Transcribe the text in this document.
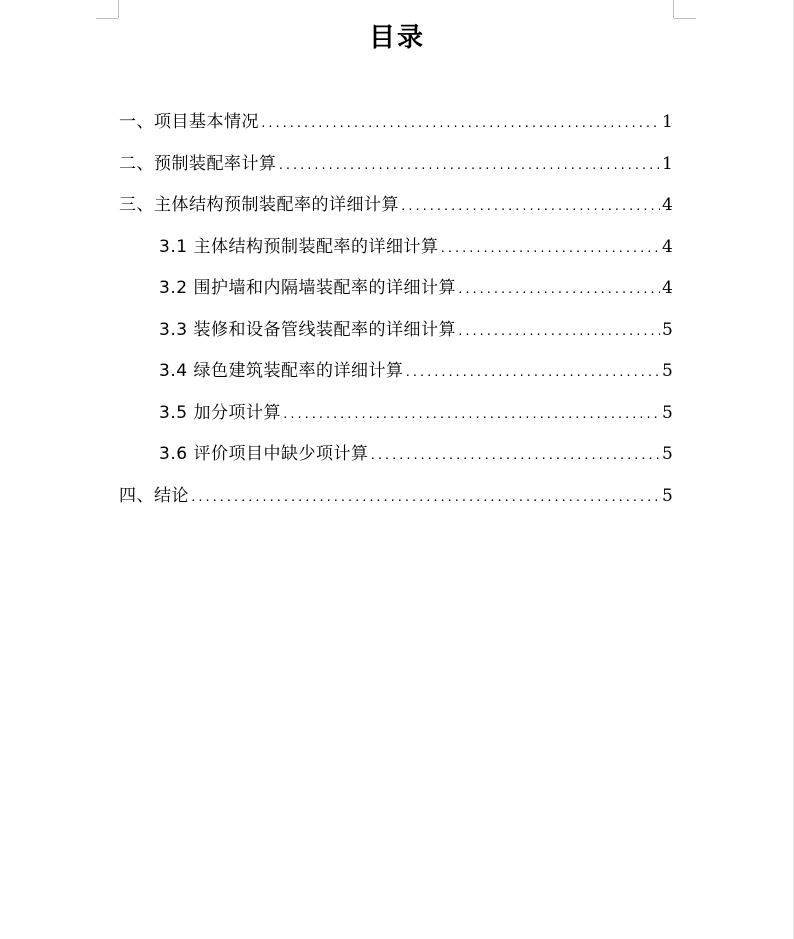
目录
一、项目基本情况 .....	1
二、预制装配率计算 .....	1
三、主体结构预制装配率的详细计算 .....	4
3.1 主体结构预制装配率的详细计算 .....	4
3.2 围护墙和内隔墙装配率的详细计算 .....	4
3.3 装修和设备管线装配率的详细计算 .....	5
3.4 绿色建筑装配率的详细计算 .....	5
3.5 加分项计算 .....	5
3.6 评价项目中缺少项计算 .....	5
四、结论 .....	5
